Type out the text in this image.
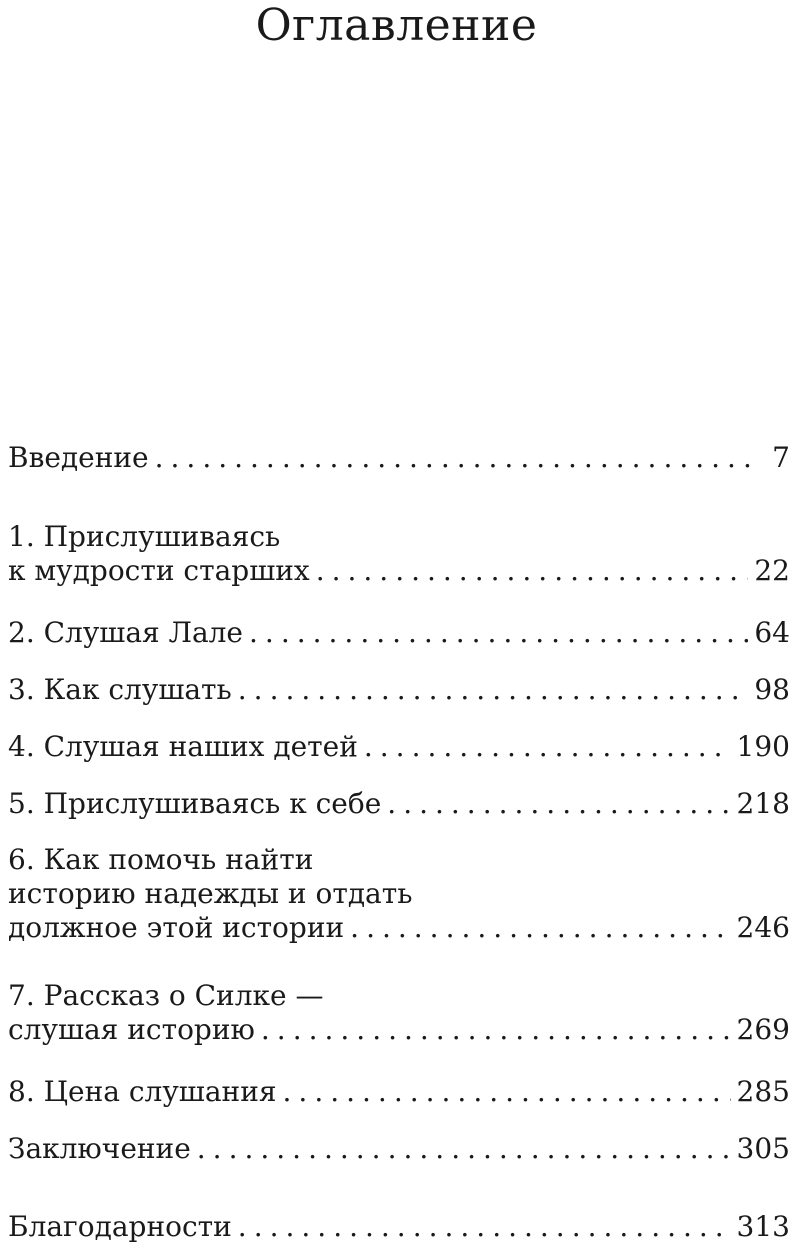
Оглавление
Введение .....	7
1. Прислушиваясь
к мудрости старших .....	22
2. Слушая Лале .....	64
3. Как слушать .....	98
4. Слушая наших детей .....	190
5. Прислушиваясь к себе .....	218
6. Как помочь найти
историю надежды и отдать
должное этой истории .....	246
7. Рассказ о Силке —
слушая историю .....	269
8. Цена слушания .....	285
Заключение .....	305
Благодарности .....	313
